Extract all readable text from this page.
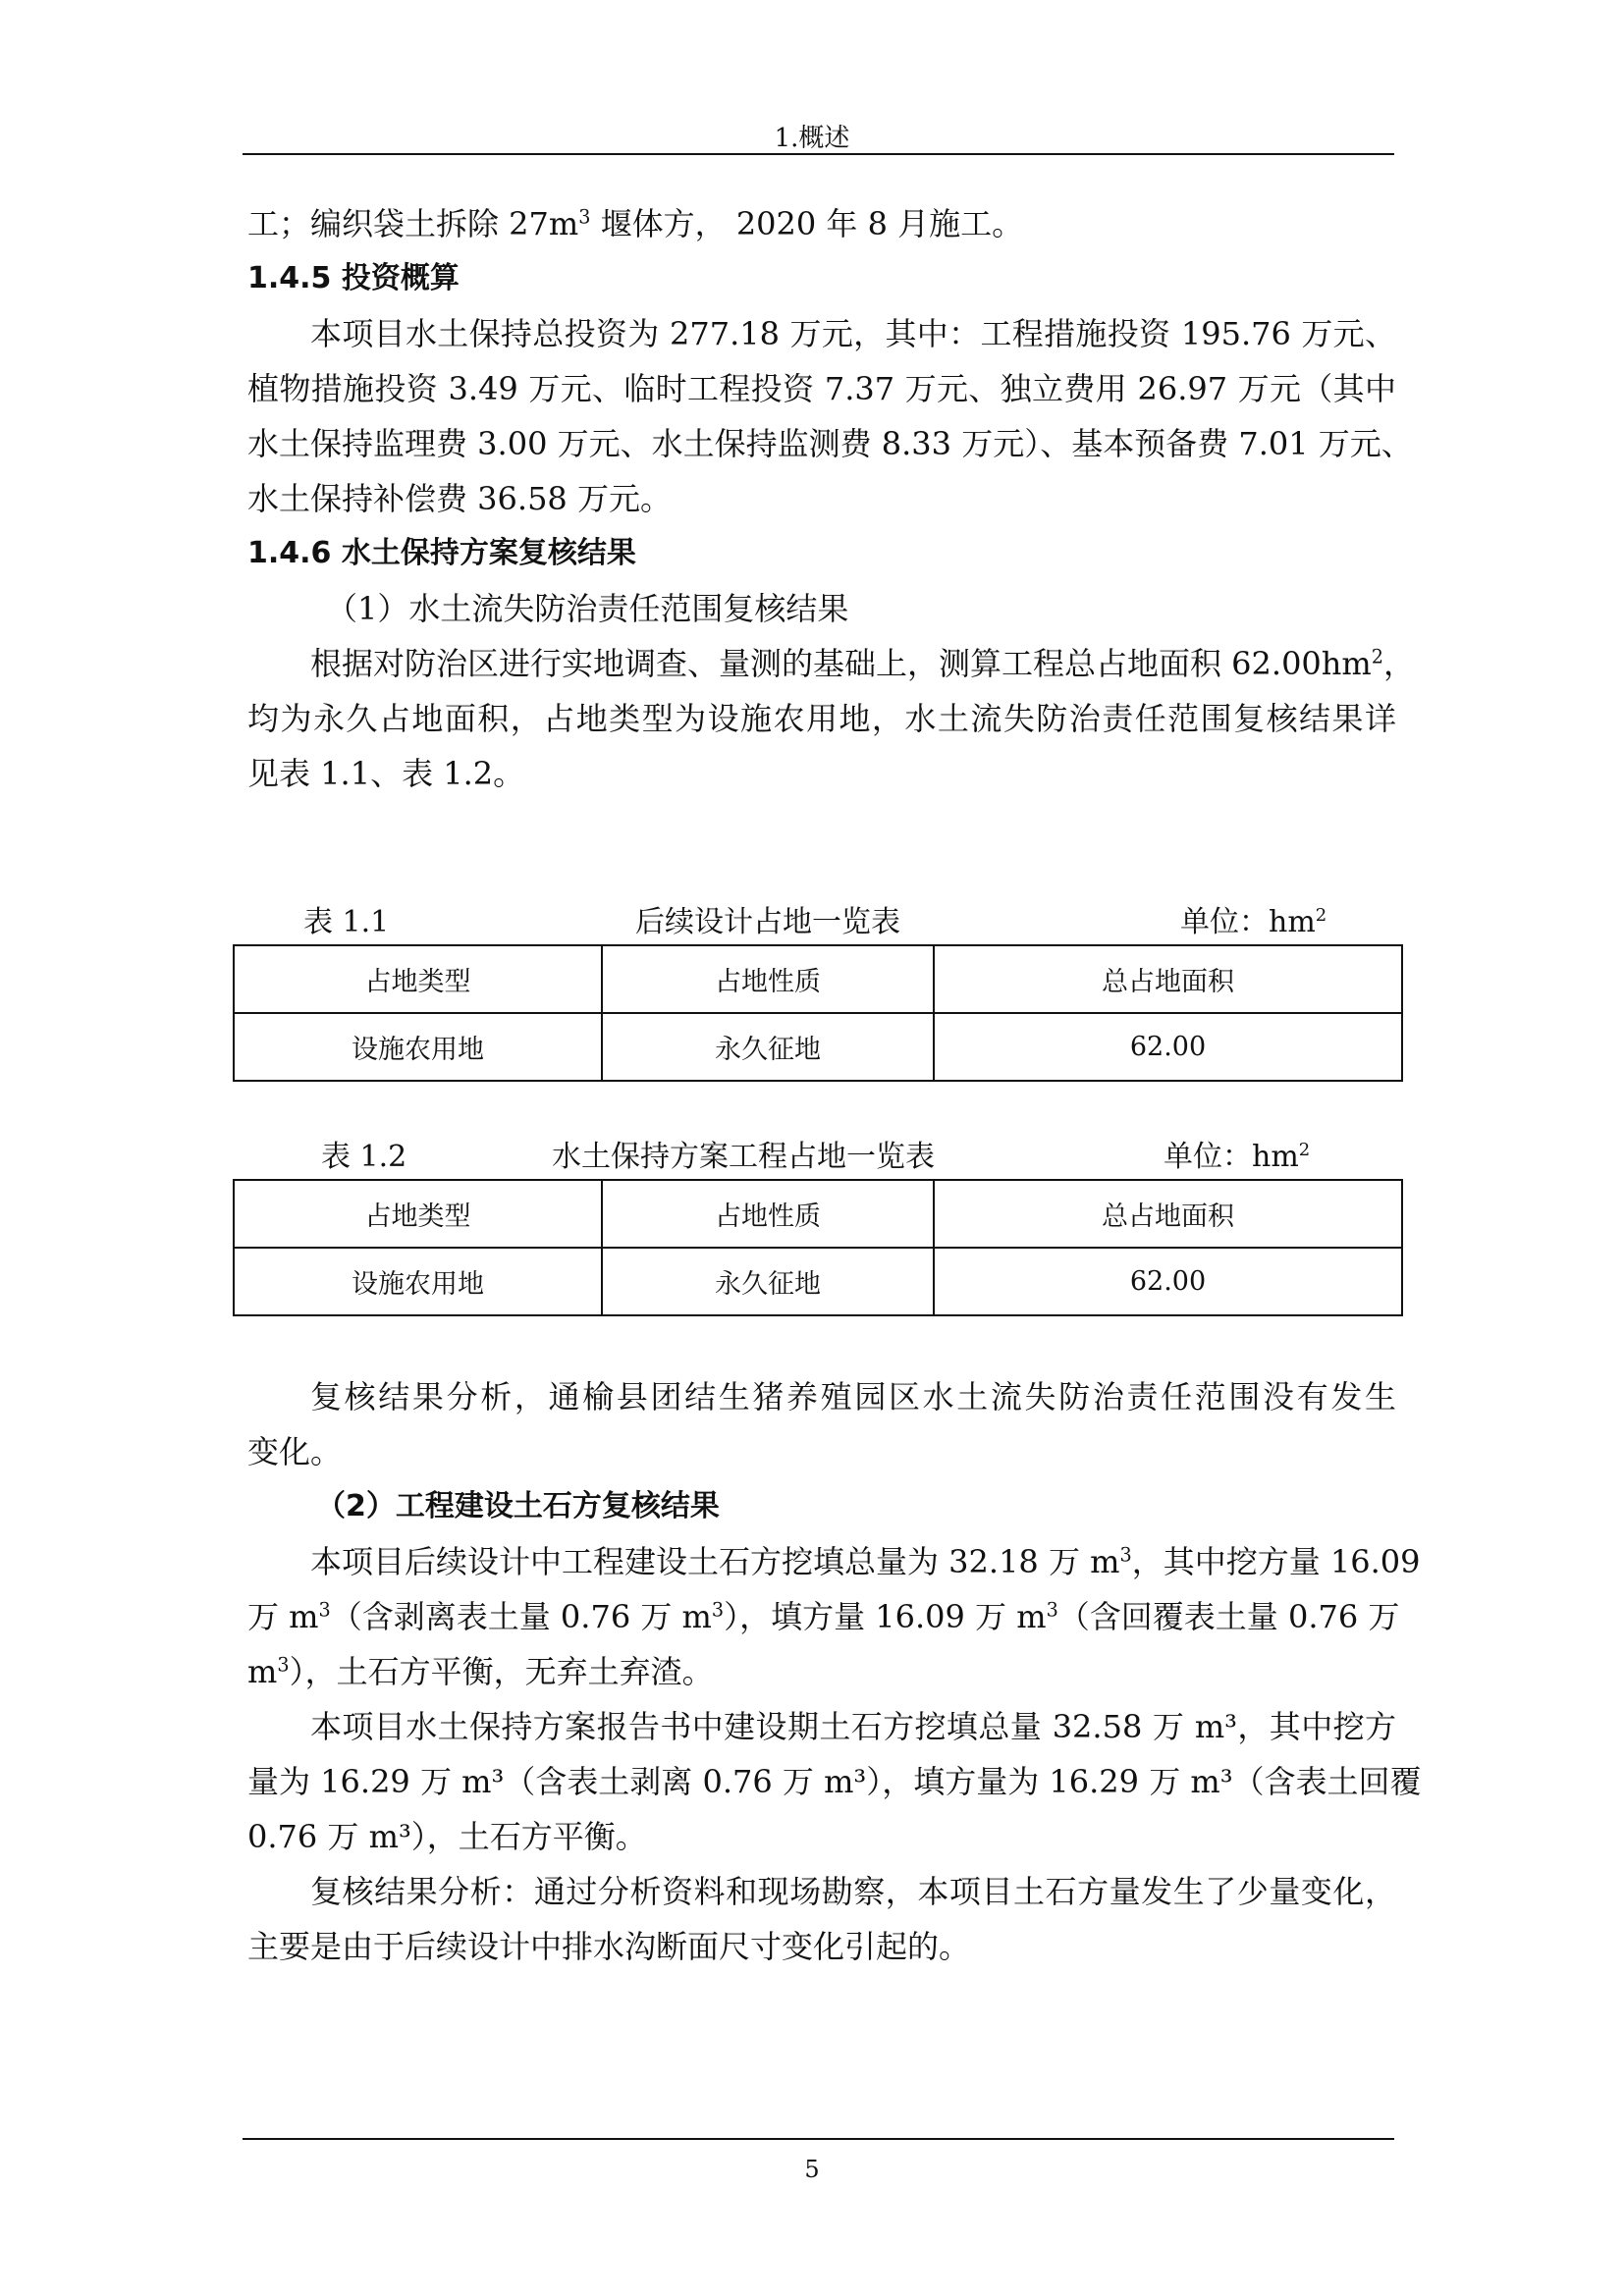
1.概述
工；编织袋土拆除 $27m^3$ 堰体方， 2020 年 8 月施工。
1.4.5 投资概算
本项目水土保持总投资为 277.18 万元，其中：工程措施投资 195.76 万元、
植物措施投资 3.49 万元、临时工程投资 7.37 万元、独立费用 26.97 万元（其中
水土保持监理费 3.00 万元、水土保持监测费 8.33 万元）、基本预备费 7.01 万元、
水土保持补偿费 36.58 万元。
1.4.6 水土保持方案复核结果
（1）水土流失防治责任范围复核结果
根据对防治区进行实地调查、量测的基础上，测算工程总占地面积 $62.00hm^2$，
均为永久占地面积，占地类型为设施农用地，水土流失防治责任范围复核结果详
见表 1.1、表 1.2。
表 1.1	后续设计占地一览表	单位：$hm^2$
占地类型	占地性质	总占地面积
设施农用地	永久征地	62.00
表 1.2	水土保持方案工程占地一览表	单位：$hm^2$
占地类型	占地性质	总占地面积
设施农用地	永久征地	62.00
复核结果分析，通榆县团结生猪养殖园区水土流失防治责任范围没有发生
变化。
（2）工程建设土石方复核结果
本项目后续设计中工程建设土石方挖填总量为 32.18 万 $m^3$，其中挖方量 16.09
万 $m^3$（含剥离表土量 0.76 万 $m^3$），填方量 16.09 万 $m^3$（含回覆表土量 0.76 万
$m^3$），土石方平衡，无弃土弃渣。
本项目水土保持方案报告书中建设期土石方挖填总量 32.58 万 m³，其中挖方
量为 16.29 万 m³（含表土剥离 0.76 万 m³），填方量为 16.29 万 m³（含表土回覆
0.76 万 m³），土石方平衡。
复核结果分析：通过分析资料和现场勘察，本项目土石方量发生了少量变化，
主要是由于后续设计中排水沟断面尺寸变化引起的。
5
